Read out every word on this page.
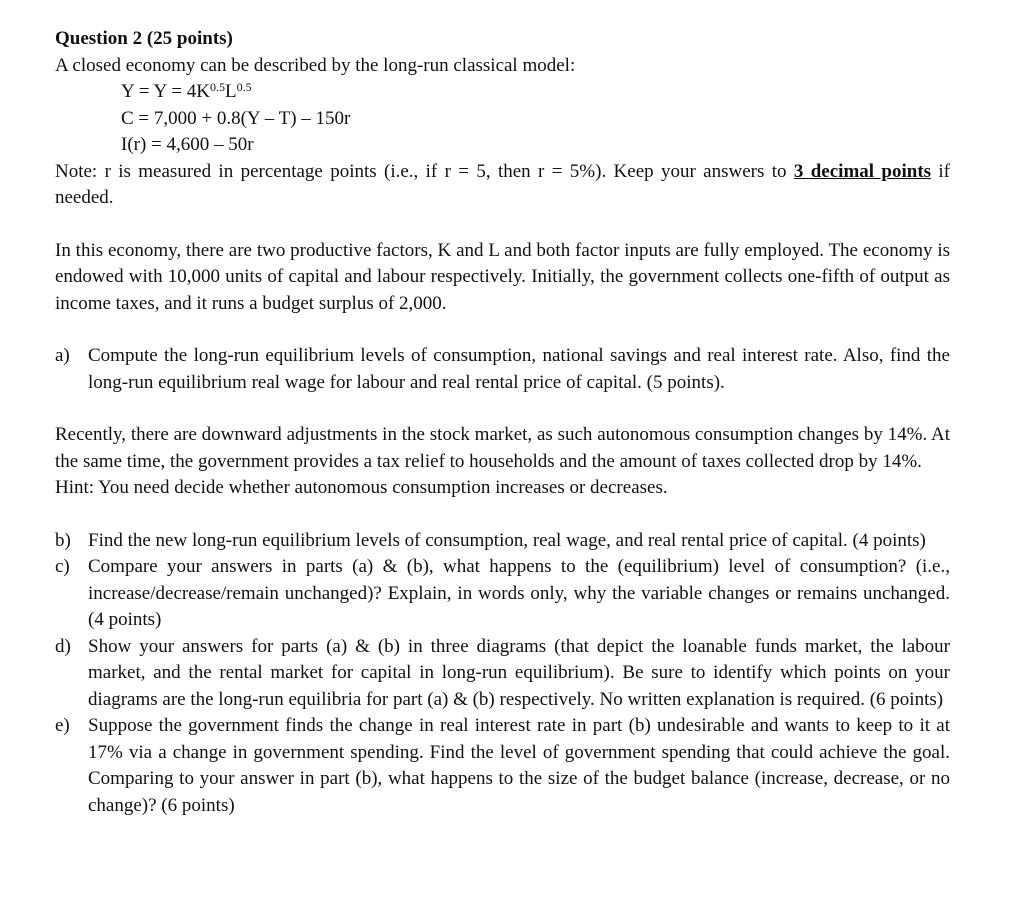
Question 2 (25 points)
A closed economy can be described by the long-run classical model:
$Y = Y = 4K^{0.5}L^{0.5}$
C = 7,000 + 0.8(Y – T) – 150r
I(r) = 4,600 – 50r
Note: r is measured in percentage points (i.e., if r = 5, then r = 5%). Keep your answers to 3 decimal points if needed.
In this economy, there are two productive factors, K and L and both factor inputs are fully employed. The economy is endowed with 10,000 units of capital and labour respectively. Initially, the government collects one-fifth of output as income taxes, and it runs a budget surplus of 2,000.
a) Compute the long-run equilibrium levels of consumption, national savings and real interest rate. Also, find the long-run equilibrium real wage for labour and real rental price of capital. (5 points).
Recently, there are downward adjustments in the stock market, as such autonomous consumption changes by 14%. At the same time, the government provides a tax relief to households and the amount of taxes collected drop by 14%.
Hint: You need decide whether autonomous consumption increases or decreases.
b) Find the new long-run equilibrium levels of consumption, real wage, and real rental price of capital. (4 points)
c) Compare your answers in parts (a) & (b), what happens to the (equilibrium) level of consumption? (i.e., increase/decrease/remain unchanged)? Explain, in words only, why the variable changes or remains unchanged. (4 points)
d) Show your answers for parts (a) & (b) in three diagrams (that depict the loanable funds market, the labour market, and the rental market for capital in long-run equilibrium). Be sure to identify which points on your diagrams are the long-run equilibria for part (a) & (b) respectively. No written explanation is required. (6 points)
e) Suppose the government finds the change in real interest rate in part (b) undesirable and wants to keep to it at 17% via a change in government spending. Find the level of government spending that could achieve the goal. Comparing to your answer in part (b), what happens to the size of the budget balance (increase, decrease, or no change)? (6 points)
